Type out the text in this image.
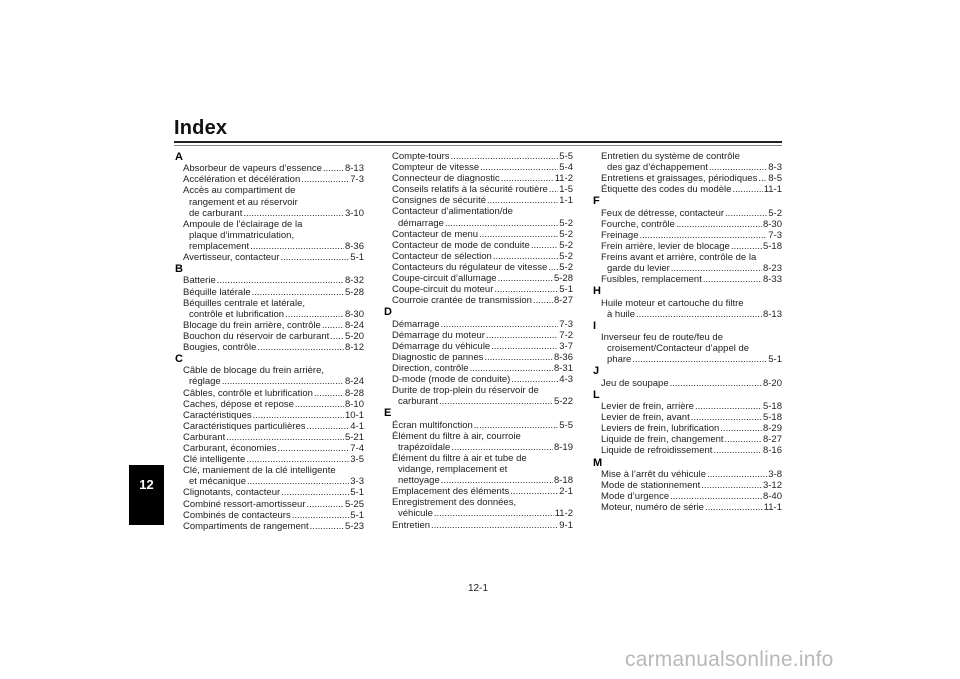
Index
12
A
Absorbeur de vapeurs d’essence ..... 8-13
Accélération et décélération .....	7-3
Accès au compartiment de
rangement et au réservoir
de carburant .....	3-10
Ampoule de l’éclairage de la
plaque d’immatriculation,
remplacement .....	8-36
Avertisseur, contacteur .....	5-1
B
Batterie .....	8-32
Béquille latérale .....	5-28
Béquilles centrale et latérale,
contrôle et lubrification .....	8-30
Blocage du frein arrière, contrôle .....	8-24
Bouchon du réservoir de carburant ..... 5-20
Bougies, contrôle .....	8-12
C
Câble de blocage du frein arrière,
réglage .....	8-24
Câbles, contrôle et lubrification .....	8-28
Caches, dépose et repose .....	8-10
Caractéristiques .....	10-1
Caractéristiques particulières .....	4-1
Carburant .....	5-21
Carburant, économies .....	7-4
Clé intelligente .....	3-5
Clé, maniement de la clé intelligente
et mécanique .....	3-3
Clignotants, contacteur .....	5-1
Combiné ressort-amortisseur .....	5-25
Combinés de contacteurs .....	5-1
Compartiments de rangement .....	5-23
Compte-tours .....	5-5
Compteur de vitesse .....	5-4
Connecteur de diagnostic .....	11-2
Conseils relatifs à la sécurité routière ..... 1-5
Consignes de sécurité .....	1-1
Contacteur d’alimentation/de
démarrage .....	5-2
Contacteur de menu .....	5-2
Contacteur de mode de conduite .....	5-2
Contacteur de sélection .....	5-2
Contacteurs du régulateur de vitesse ..... 5-2
Coupe-circuit d’allumage .....	5-28
Coupe-circuit du moteur .....	5-1
Courroie crantée de transmission ..... 8-27
D
Démarrage .....	7-3
Démarrage du moteur .....	7-2
Démarrage du véhicule .....	3-7
Diagnostic de pannes .....	8-36
Direction, contrôle .....	8-31
D-mode (mode de conduite) .....	4-3
Durite de trop-plein du réservoir de
carburant .....	5-22
E
Écran multifonction .....	5-5
Élément du filtre à air, courroie
trapézoïdale .....	8-19
Élément du filtre à air et tube de
vidange, remplacement et
nettoyage .....	8-18
Emplacement des éléments .....	2-1
Enregistrement des données,
véhicule .....	11-2
Entretien .....	9-1
Entretien du système de contrôle
des gaz d’échappement .....	8-3
Entretiens et graissages, périodiques ..... 8-5
Étiquette des codes du modèle .....	11-1
F
Feux de détresse, contacteur .....	5-2
Fourche, contrôle .....	8-30
Freinage .....	7-3
Frein arrière, levier de blocage .....	5-18
Freins avant et arrière, contrôle de la
garde du levier .....	8-23
Fusibles, remplacement .....	8-33
H
Huile moteur et cartouche du filtre
à huile .....	8-13
I
Inverseur feu de route/feu de
croisement/Contacteur d’appel de
phare .....	5-1
J
Jeu de soupape .....	8-20
L
Levier de frein, arrière .....	5-18
Levier de frein, avant .....	5-18
Leviers de frein, lubrification .....	8-29
Liquide de frein, changement .....	8-27
Liquide de refroidissement .....	8-16
M
Mise à l’arrêt du véhicule .....	3-8
Mode de stationnement .....	3-12
Mode d’urgence .....	8-40
Moteur, numéro de série .....	11-1
12-1
carmanualsonline.info
